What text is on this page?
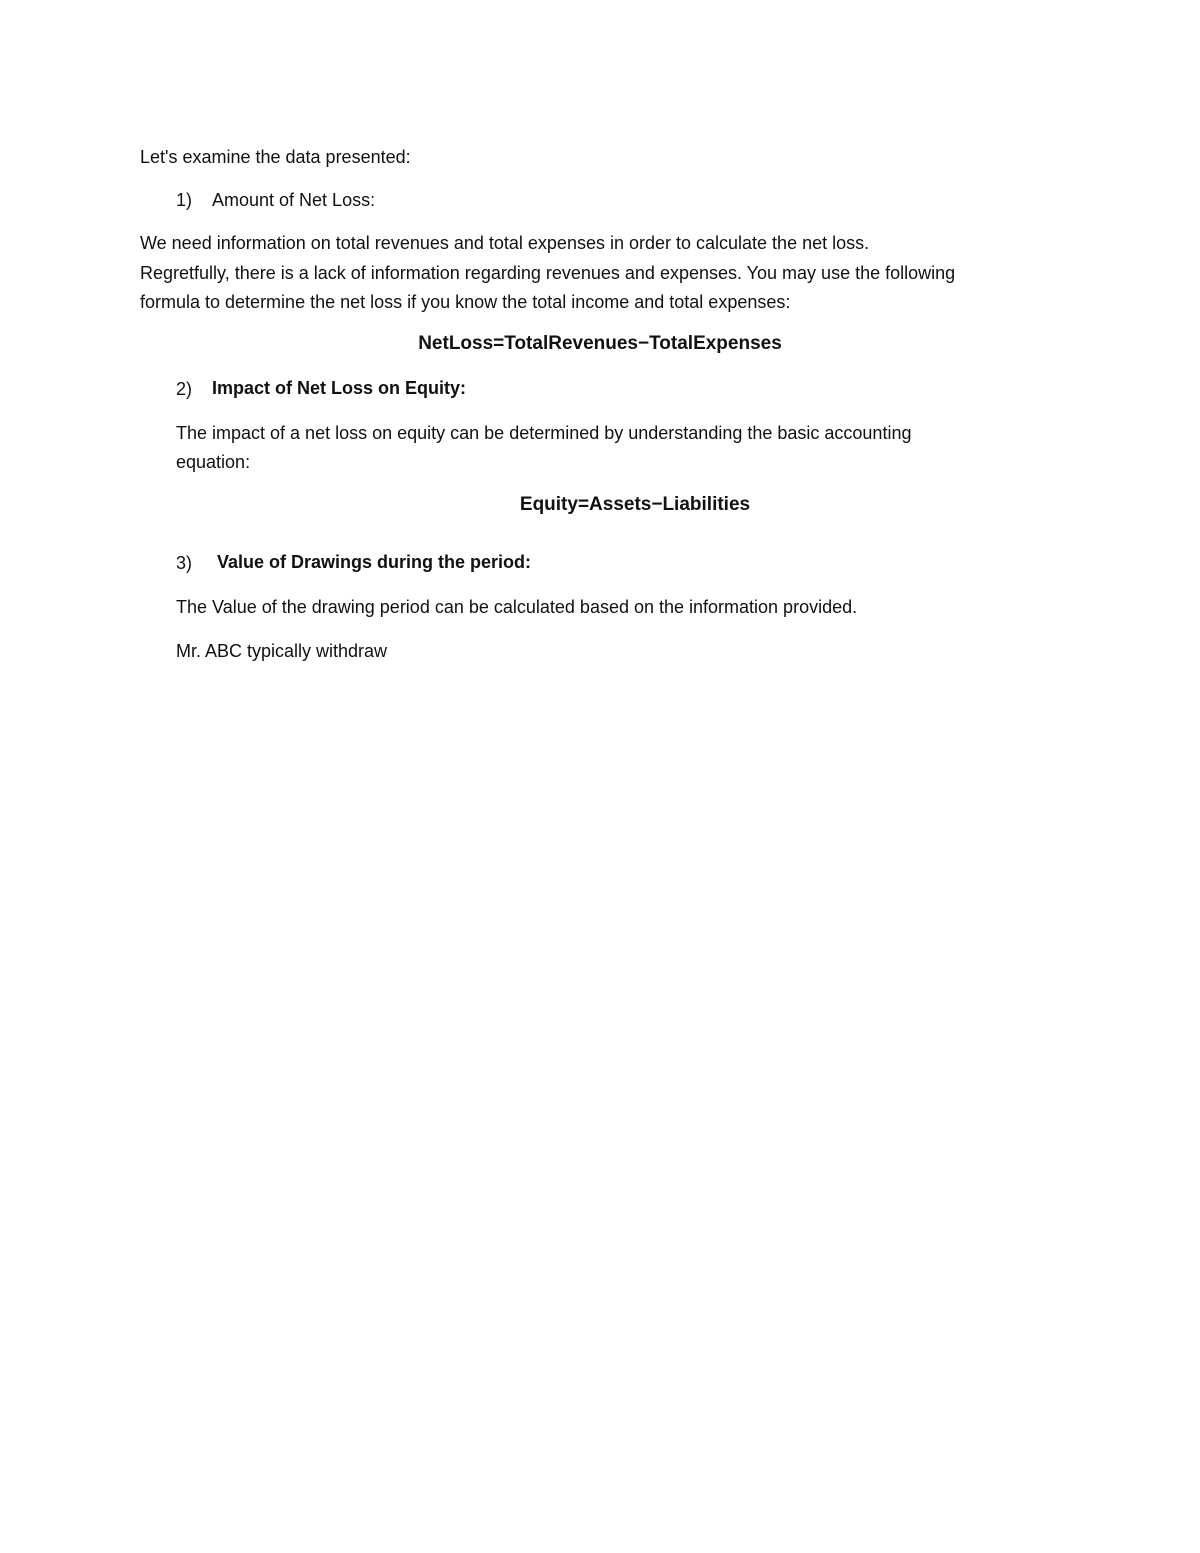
Let's examine the data presented:
1) Amount of Net Loss:
We need information on total revenues and total expenses in order to calculate the net loss.
Regretfully, there is a lack of information regarding revenues and expenses. You may use the following
formula to determine the net loss if you know the total income and total expenses:
NetLoss=TotalRevenues−TotalExpenses
2) Impact of Net Loss on Equity:
The impact of a net loss on equity can be determined by understanding the basic accounting
equation:
Equity=Assets−Liabilities
3) Value of Drawings during the period:
The Value of the drawing period can be calculated based on the information provided.
Mr. ABC typically withdraw
